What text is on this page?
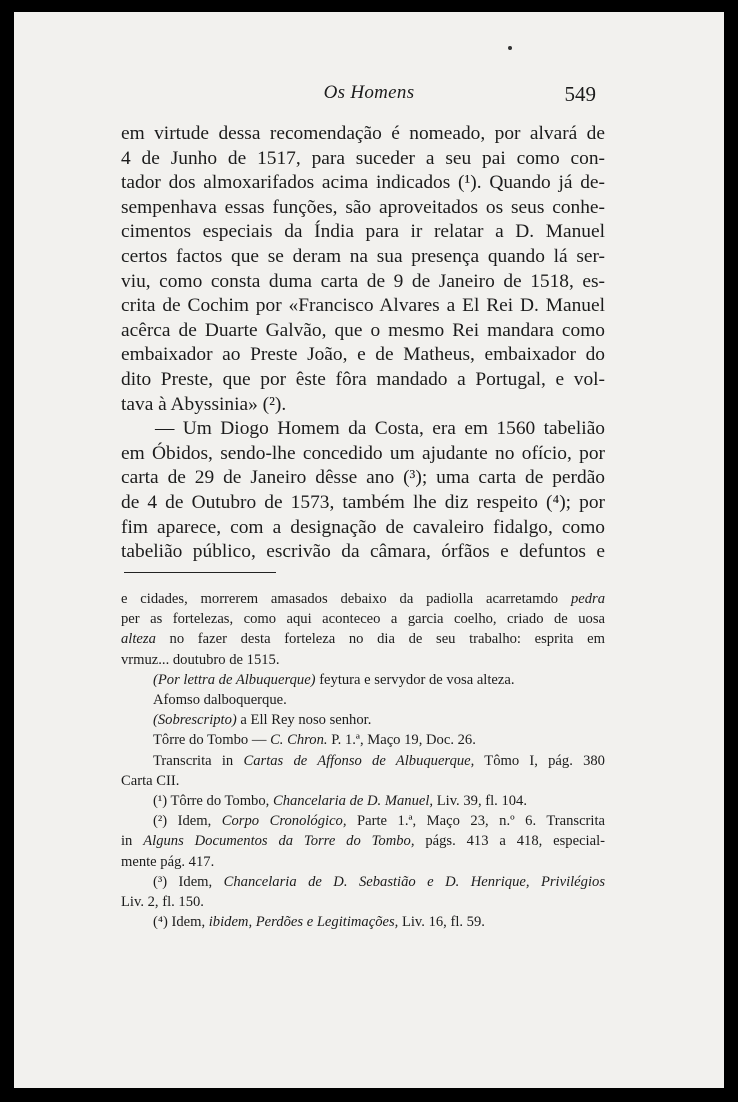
Os Homens	549
em virtude dessa recomendação é nomeado, por alvará de
4 de Junho de 1517, para suceder a seu pai como con-
tador dos almoxarifados acima indicados (¹). Quando já de-
sempenhava essas funções, são aproveitados os seus conhe-
cimentos especiais da Índia para ir relatar a D. Manuel
certos factos que se deram na sua presença quando lá ser-
viu, como consta duma carta de 9 de Janeiro de 1518, es-
crita de Cochim por «Francisco Alvares a El Rei D. Manuel
acêrca de Duarte Galvão, que o mesmo Rei mandara como
embaixador ao Preste João, e de Matheus, embaixador do
dito Preste, que por êste fôra mandado a Portugal, e vol-
tava à Abyssinia» (²).
— Um Diogo Homem da Costa, era em 1560 tabelião
em Óbidos, sendo-lhe concedido um ajudante no ofício, por
carta de 29 de Janeiro dêsse ano (³); uma carta de perdão
de 4 de Outubro de 1573, também lhe diz respeito (⁴); por
fim aparece, com a designação de cavaleiro fidalgo, como
tabelião público, escrivão da câmara, órfãos e defuntos e
e cidades, morrerem amasados debaixo da padiolla acarretamdo pedra
per as fortelezas, como aqui aconteceo a garcia coelho, criado de uosa
alteza no fazer desta forteleza no dia de seu trabalho: esprita em
vrmuz... doutubro de 1515.
(Por lettra de Albuquerque) feytura e servydor de vosa alteza.
Afomso dalboquerque.
(Sobrescripto) a Ell Rey noso senhor.
Tôrre do Tombo — C. Chron. P. 1.ª, Maço 19, Doc. 26.
Transcrita in Cartas de Affonso de Albuquerque, Tômo I, pág. 380
Carta CII.
(¹) Tôrre do Tombo, Chancelaria de D. Manuel, Liv. 39, fl. 104.
(²) Idem, Corpo Cronológico, Parte 1.ª, Maço 23, n.º 6. Transcrita
in Alguns Documentos da Torre do Tombo, págs. 413 a 418, especial-
mente pág. 417.
(³) Idem, Chancelaria de D. Sebastião e D. Henrique, Privilégios
Liv. 2, fl. 150.
(⁴) Idem, ibidem, Perdões e Legitimações, Liv. 16, fl. 59.
